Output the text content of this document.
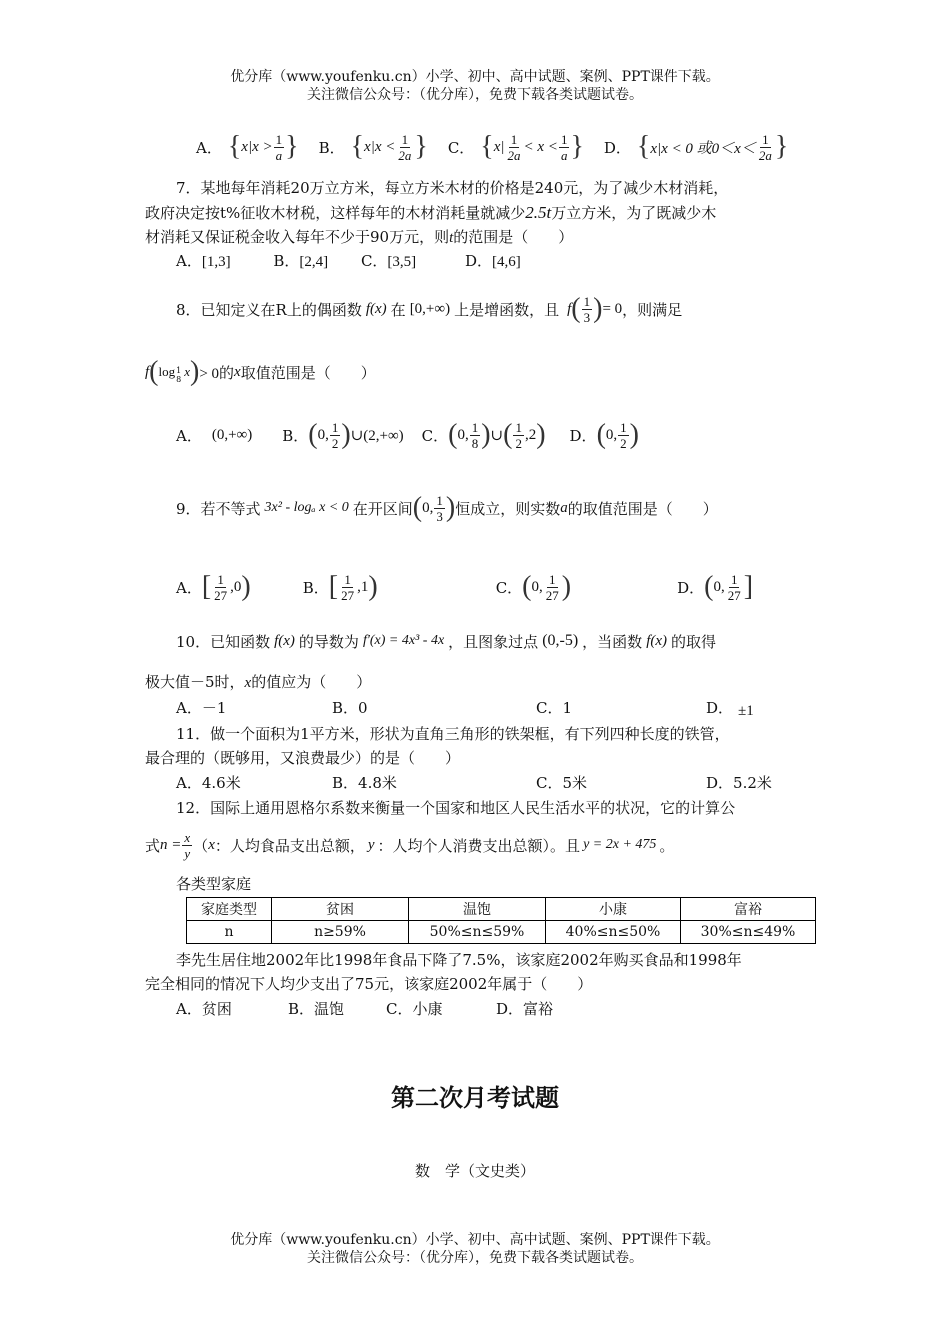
优分库（www.youfenku.cn）小学、初中、高中试题、案例、PPT课件下载。
关注微信公众号：（优分库），免费下载各类试题试卷。
A． { $x|x > \frac{1}{a}$ } B． { $x|x < \frac{1}{2a}$ } C． { $x| \frac{1}{2a} < x < \frac{1}{a}$ } D． { x|x < 0 或$0<x< \frac{1}{2a}$ }
7．某地每年消耗20万立方米，每立方米木材的价格是240元，为了减少木材消耗，
政府决定按t%征收木材税，这样每年的木材消耗量就减少2.5t万立方米，为了既减少木
材消耗又保证税金收入每年不少于90万元，则t的范围是（　　）
A．[1,3]	B．[2,4] C．[3,5]	D．[4,6]
8．已知定义在R上的偶函数 f(x) 在 [0,+∞) 上是增函数，且 f ( $\frac{1}{3}$ ) = 0 ，则满足
f ( log 1
8
x ) > 0的 x 取值范围是（　　）
A． (0,+∞) B． ( 0, $\frac{1}{2}$ ) ∪(2,+∞) C． ( 0, $\frac{1}{8}$ ) ∪ ( $\frac{1}{2} ,2$ ) D． ( 0, $\frac{1}{2}$ )
9．若不等式 3x² - logₐ x < 0 在开区间 ( 0, $\frac{1}{3}$ ) 恒成立，则实数 a 的取值范围是（　　）
A． [ $\frac{1}{27} ,0$ )	B． [ $\frac{1}{27} ,1$ )	C． ( 0, $\frac{1}{27}$ )	D． ( 0, $\frac{1}{27}$ ]
10．已知函数 f(x) 的导数为 f′(x) = 4x³ - 4x ，且图象过点 (0,-5) ，当函数 f(x) 的取得
极大值－5时，x的值应为（　　）
A．－1	B．0	C．1	D． ±1
11．做一个面积为1平方米，形状为直角三角形的铁架框，有下列四种长度的铁管，
最合理的（既够用，又浪费最少）的是（　　）
A．4.6米	B．4.8米	C．5米	D．5.2米
12．国际上通用恩格尔系数来衡量一个国家和地区人民生活水平的状况，它的计算公
式 $n = \frac{x}{y}$ （ x ：人均食品支出总额， y ：人均个人消费支出总额）。且 y = 2x + 475 。
各类型家庭
家庭类型	贫困	温饱	小康	富裕
n	n≥59%	50%≤n≤59%	40%≤n≤50%	30%≤n≤49%
李先生居住地2002年比1998年食品下降了7.5%，该家庭2002年购买食品和1998年
完全相同的情况下人均少支出了75元，该家庭2002年属于（　　）
A．贫困	B．温饱	C．小康	D．富裕
第二次月考试题
数　学（文史类）
优分库（www.youfenku.cn）小学、初中、高中试题、案例、PPT课件下载。
关注微信公众号：（优分库），免费下载各类试题试卷。
